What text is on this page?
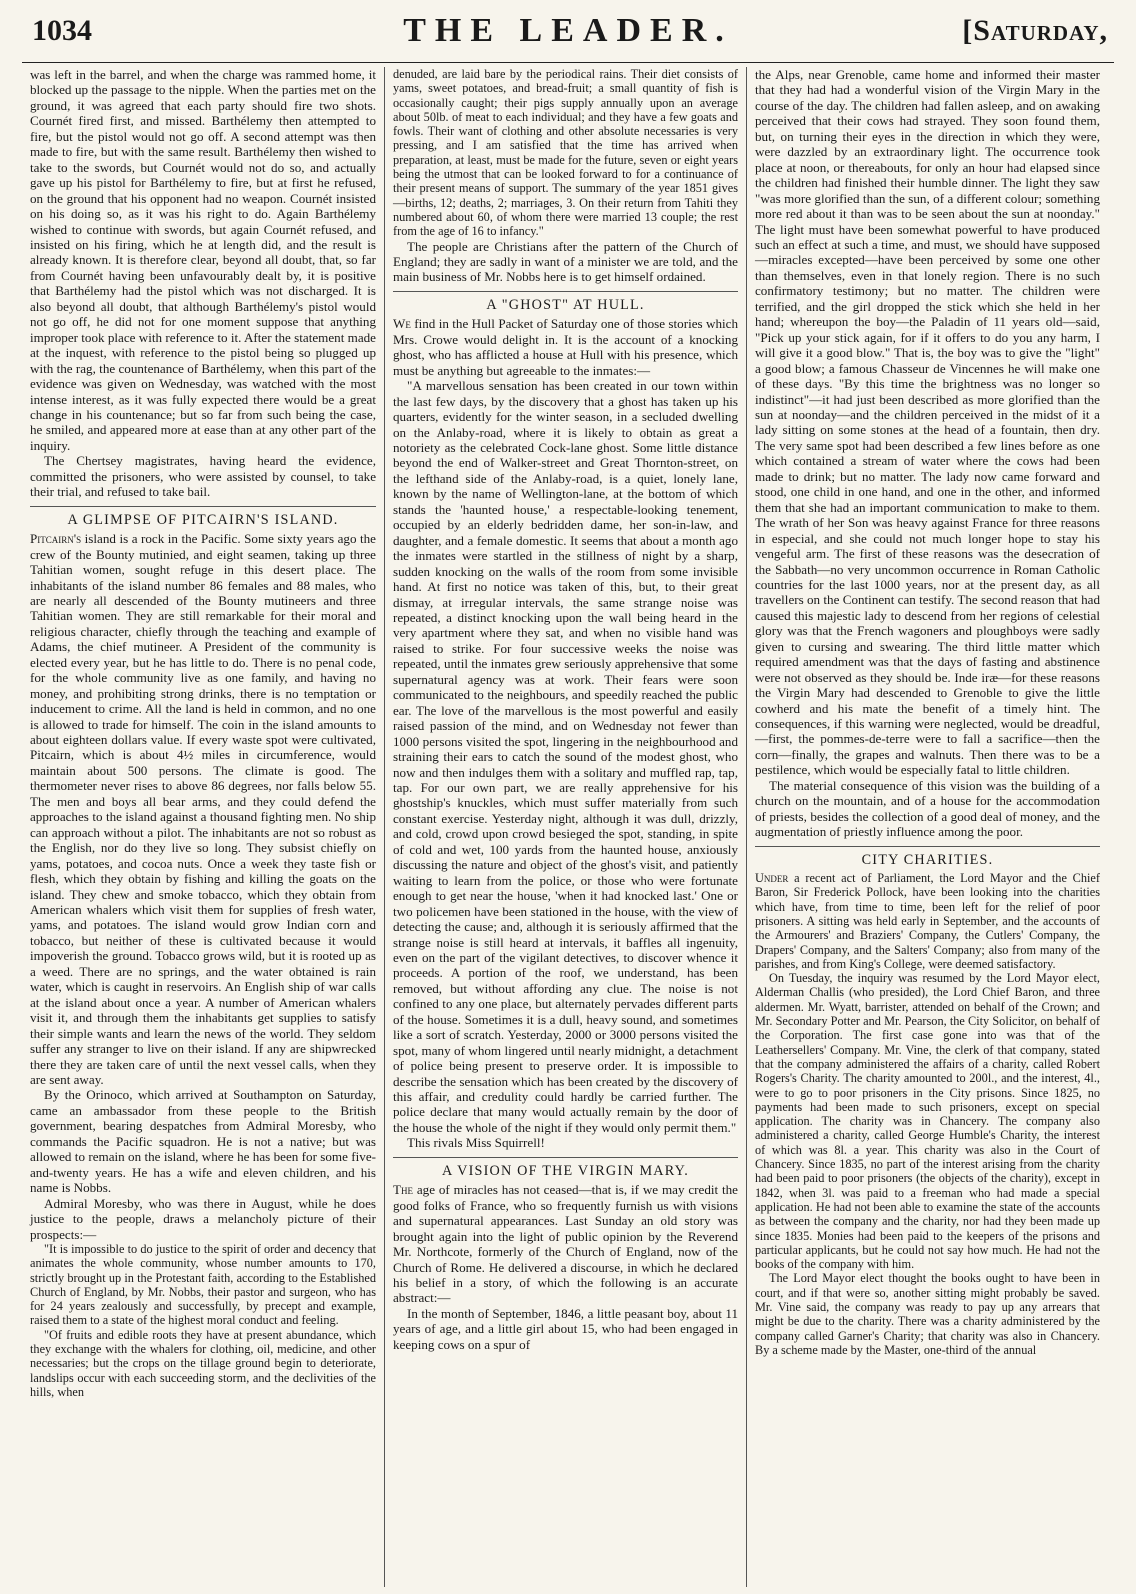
1034	THE LEADER.	[Saturday,

was left in the barrel, and when the charge was rammed home, it blocked up the passage to the nipple. When the parties met on the ground, it was agreed that each party should fire two shots. Cournét fired first, and missed. Barthélemy then attempted to fire, but the pistol would not go off. A second attempt was then made to fire, but with the same result. Barthélemy then wished to take to the swords, but Cournét would not do so, and actually gave up his pistol for Barthélemy to fire, but at first he refused, on the ground that his opponent had no weapon. Cournét insisted on his doing so, as it was his right to do. Again Barthélemy wished to continue with swords, but again Cournét refused, and insisted on his firing, which he at length did, and the result is already known. It is therefore clear, beyond all doubt, that, so far from Cournét having been unfavourably dealt by, it is positive that Barthélemy had the pistol which was not discharged. It is also beyond all doubt, that although Barthélemy's pistol would not go off, he did not for one moment suppose that anything improper took place with reference to it. After the statement made at the inquest, with reference to the pistol being so plugged up with the rag, the countenance of Barthélemy, when this part of the evidence was given on Wednesday, was watched with the most intense interest, as it was fully expected there would be a great change in his countenance; but so far from such being the case, he smiled, and appeared more at ease than at any other part of the inquiry.

The Chertsey magistrates, having heard the evidence, committed the prisoners, who were assisted by counsel, to take their trial, and refused to take bail.

A GLIMPSE OF PITCAIRN'S ISLAND.

Pitcairn's island is a rock in the Pacific. Some sixty years ago the crew of the Bounty mutinied, and eight seamen, taking up three Tahitian women, sought refuge in this desert place. The inhabitants of the island number 86 females and 88 males, who are nearly all descended of the Bounty mutineers and three Tahitian women. They are still remarkable for their moral and religious character, chiefly through the teaching and example of Adams, the chief mutineer. A President of the community is elected every year, but he has little to do. There is no penal code, for the whole community live as one family, and having no money, and prohibiting strong drinks, there is no temptation or inducement to crime. All the land is held in common, and no one is allowed to trade for himself. The coin in the island amounts to about eighteen dollars value. If every waste spot were cultivated, Pitcairn, which is about 4½ miles in circumference, would maintain about 500 persons. The climate is good. The thermometer never rises to above 86 degrees, nor falls below 55. The men and boys all bear arms, and they could defend the approaches to the island against a thousand fighting men. No ship can approach without a pilot. The inhabitants are not so robust as the English, nor do they live so long. They subsist chiefly on yams, potatoes, and cocoa nuts. Once a week they taste fish or flesh, which they obtain by fishing and killing the goats on the island. They chew and smoke tobacco, which they obtain from American whalers which visit them for supplies of fresh water, yams, and potatoes. The island would grow Indian corn and tobacco, but neither of these is cultivated because it would impoverish the ground. Tobacco grows wild, but it is rooted up as a weed. There are no springs, and the water obtained is rain water, which is caught in reservoirs. An English ship of war calls at the island about once a year. A number of American whalers visit it, and through them the inhabitants get supplies to satisfy their simple wants and learn the news of the world. They seldom suffer any stranger to live on their island. If any are shipwrecked there they are taken care of until the next vessel calls, when they are sent away.

By the Orinoco, which arrived at Southampton on Saturday, came an ambassador from these people to the British government, bearing despatches from Admiral Moresby, who commands the Pacific squadron. He is not a native; but was allowed to remain on the island, where he has been for some five-and-twenty years. He has a wife and eleven children, and his name is Nobbs.

Admiral Moresby, who was there in August, while he does justice to the people, draws a melancholy picture of their prospects:—

"It is impossible to do justice to the spirit of order and decency that animates the whole community, whose number amounts to 170, strictly brought up in the Protestant faith, according to the Established Church of England, by Mr. Nobbs, their pastor and surgeon, who has for 24 years zealously and successfully, by precept and example, raised them to a state of the highest moral conduct and feeling.

"Of fruits and edible roots they have at present abundance, which they exchange with the whalers for clothing, oil, medicine, and other necessaries; but the crops on the tillage ground begin to deteriorate, landslips occur with each succeeding storm, and the declivities of the hills, when

denuded, are laid bare by the periodical rains. Their diet consists of yams, sweet potatoes, and bread-fruit; a small quantity of fish is occasionally caught; their pigs supply annually upon an average about 50lb. of meat to each individual; and they have a few goats and fowls. Their want of clothing and other absolute necessaries is very pressing, and I am satisfied that the time has arrived when preparation, at least, must be made for the future, seven or eight years being the utmost that can be looked forward to for a continuance of their present means of support. The summary of the year 1851 gives—births, 12; deaths, 2; marriages, 3. On their return from Tahiti they numbered about 60, of whom there were married 13 couple; the rest from the age of 16 to infancy."

The people are Christians after the pattern of the Church of England; they are sadly in want of a minister we are told, and the main business of Mr. Nobbs here is to get himself ordained.

A "GHOST" AT HULL.

We find in the Hull Packet of Saturday one of those stories which Mrs. Crowe would delight in. It is the account of a knocking ghost, who has afflicted a house at Hull with his presence, which must be anything but agreeable to the inmates:—

"A marvellous sensation has been created in our town within the last few days, by the discovery that a ghost has taken up his quarters, evidently for the winter season, in a secluded dwelling on the Anlaby-road, where it is likely to obtain as great a notoriety as the celebrated Cock-lane ghost. Some little distance beyond the end of Walker-street and Great Thornton-street, on the lefthand side of the Anlaby-road, is a quiet, lonely lane, known by the name of Wellington-lane, at the bottom of which stands the 'haunted house,' a respectable-looking tenement, occupied by an elderly bedridden dame, her son-in-law, and daughter, and a female domestic. It seems that about a month ago the inmates were startled in the stillness of night by a sharp, sudden knocking on the walls of the room from some invisible hand. At first no notice was taken of this, but, to their great dismay, at irregular intervals, the same strange noise was repeated, a distinct knocking upon the wall being heard in the very apartment where they sat, and when no visible hand was raised to strike. For four successive weeks the noise was repeated, until the inmates grew seriously apprehensive that some supernatural agency was at work. Their fears were soon communicated to the neighbours, and speedily reached the public ear. The love of the marvellous is the most powerful and easily raised passion of the mind, and on Wednesday not fewer than 1000 persons visited the spot, lingering in the neighbourhood and straining their ears to catch the sound of the modest ghost, who now and then indulges them with a solitary and muffled rap, tap, tap. For our own part, we are really apprehensive for his ghostship's knuckles, which must suffer materially from such constant exercise. Yesterday night, although it was dull, drizzly, and cold, crowd upon crowd besieged the spot, standing, in spite of cold and wet, 100 yards from the haunted house, anxiously discussing the nature and object of the ghost's visit, and patiently waiting to learn from the police, or those who were fortunate enough to get near the house, 'when it had knocked last.' One or two policemen have been stationed in the house, with the view of detecting the cause; and, although it is seriously affirmed that the strange noise is still heard at intervals, it baffles all ingenuity, even on the part of the vigilant detectives, to discover whence it proceeds. A portion of the roof, we understand, has been removed, but without affording any clue. The noise is not confined to any one place, but alternately pervades different parts of the house. Sometimes it is a dull, heavy sound, and sometimes like a sort of scratch. Yesterday, 2000 or 3000 persons visited the spot, many of whom lingered until nearly midnight, a detachment of police being present to preserve order. It is impossible to describe the sensation which has been created by the discovery of this affair, and credulity could hardly be carried further. The police declare that many would actually remain by the door of the house the whole of the night if they would only permit them."

This rivals Miss Squirrell!

A VISION OF THE VIRGIN MARY.

The age of miracles has not ceased—that is, if we may credit the good folks of France, who so frequently furnish us with visions and supernatural appearances. Last Sunday an old story was brought again into the light of public opinion by the Reverend Mr. Northcote, formerly of the Church of England, now of the Church of Rome. He delivered a discourse, in which he declared his belief in a story, of which the following is an accurate abstract:—

In the month of September, 1846, a little peasant boy, about 11 years of age, and a little girl about 15, who had been engaged in keeping cows on a spur of

the Alps, near Grenoble, came home and informed their master that they had had a wonderful vision of the Virgin Mary in the course of the day. The children had fallen asleep, and on awaking perceived that their cows had strayed. They soon found them, but, on turning their eyes in the direction in which they were, were dazzled by an extraordinary light. The occurrence took place at noon, or thereabouts, for only an hour had elapsed since the children had finished their humble dinner. The light they saw "was more glorified than the sun, of a different colour; something more red about it than was to be seen about the sun at noonday." The light must have been somewhat powerful to have produced such an effect at such a time, and must, we should have supposed—miracles excepted—have been perceived by some one other than themselves, even in that lonely region. There is no such confirmatory testimony; but no matter. The children were terrified, and the girl dropped the stick which she held in her hand; whereupon the boy—the Paladin of 11 years old—said, "Pick up your stick again, for if it offers to do you any harm, I will give it a good blow." That is, the boy was to give the "light" a good blow; a famous Chasseur de Vincennes he will make one of these days. "By this time the brightness was no longer so indistinct"—it had just been described as more glorified than the sun at noonday—and the children perceived in the midst of it a lady sitting on some stones at the head of a fountain, then dry. The very same spot had been described a few lines before as one which contained a stream of water where the cows had been made to drink; but no matter. The lady now came forward and stood, one child in one hand, and one in the other, and informed them that she had an important communication to make to them. The wrath of her Son was heavy against France for three reasons in especial, and she could not much longer hope to stay his vengeful arm. The first of these reasons was the desecration of the Sabbath—no very uncommon occurrence in Roman Catholic countries for the last 1000 years, nor at the present day, as all travellers on the Continent can testify. The second reason that had caused this majestic lady to descend from her regions of celestial glory was that the French wagoners and ploughboys were sadly given to cursing and swearing. The third little matter which required amendment was that the days of fasting and abstinence were not observed as they should be. Inde iræ—for these reasons the Virgin Mary had descended to Grenoble to give the little cowherd and his mate the benefit of a timely hint. The consequences, if this warning were neglected, would be dreadful,—first, the pommes-de-terre were to fall a sacrifice—then the corn—finally, the grapes and walnuts. Then there was to be a pestilence, which would be especially fatal to little children.

The material consequence of this vision was the building of a church on the mountain, and of a house for the accommodation of priests, besides the collection of a good deal of money, and the augmentation of priestly influence among the poor.

CITY CHARITIES.

Under a recent act of Parliament, the Lord Mayor and the Chief Baron, Sir Frederick Pollock, have been looking into the charities which have, from time to time, been left for the relief of poor prisoners. A sitting was held early in September, and the accounts of the Armourers' and Braziers' Company, the Cutlers' Company, the Drapers' Company, and the Salters' Company; also from many of the parishes, and from King's College, were deemed satisfactory.

On Tuesday, the inquiry was resumed by the Lord Mayor elect, Alderman Challis (who presided), the Lord Chief Baron, and three aldermen. Mr. Wyatt, barrister, attended on behalf of the Crown; and Mr. Secondary Potter and Mr. Pearson, the City Solicitor, on behalf of the Corporation. The first case gone into was that of the Leathersellers' Company. Mr. Vine, the clerk of that company, stated that the company administered the affairs of a charity, called Robert Rogers's Charity. The charity amounted to 200l., and the interest, 4l., were to go to poor prisoners in the City prisons. Since 1825, no payments had been made to such prisoners, except on special application. The charity was in Chancery. The company also administered a charity, called George Humble's Charity, the interest of which was 8l. a year. This charity was also in the Court of Chancery. Since 1835, no part of the interest arising from the charity had been paid to poor prisoners (the objects of the charity), except in 1842, when 3l. was paid to a freeman who had made a special application. He had not been able to examine the state of the accounts as between the company and the charity, nor had they been made up since 1835. Monies had been paid to the keepers of the prisons and particular applicants, but he could not say how much. He had not the books of the company with him.

The Lord Mayor elect thought the books ought to have been in court, and if that were so, another sitting might probably be saved. Mr. Vine said, the company was ready to pay up any arrears that might be due to the charity. There was a charity administered by the company called Garner's Charity; that charity was also in Chancery. By a scheme made by the Master, one-third of the annual
